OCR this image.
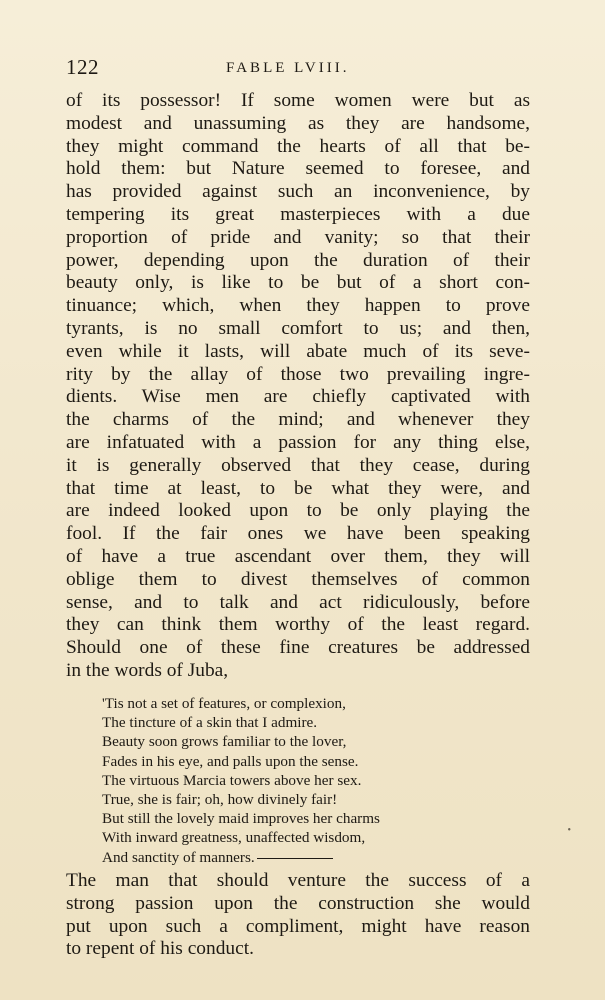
122	FABLE LVIII.
of its possessor! If some women were but as
modest and unassuming as they are handsome,
they might command the hearts of all that be-
hold them: but Nature seemed to foresee, and
has provided against such an inconvenience, by
tempering its great masterpieces with a due
proportion of pride and vanity; so that their
power, depending upon the duration of their
beauty only, is like to be but of a short con-
tinuance; which, when they happen to prove
tyrants, is no small comfort to us; and then,
even while it lasts, will abate much of its seve-
rity by the allay of those two prevailing ingre-
dients. Wise men are chiefly captivated with
the charms of the mind; and whenever they
are infatuated with a passion for any thing else,
it is generally observed that they cease, during
that time at least, to be what they were, and
are indeed looked upon to be only playing the
fool. If the fair ones we have been speaking
of have a true ascendant over them, they will
oblige them to divest themselves of common
sense, and to talk and act ridiculously, before
they can think them worthy of the least regard.
Should one of these fine creatures be addressed
in the words of Juba,
'Tis not a set of features, or complexion,
The tincture of a skin that I admire.
Beauty soon grows familiar to the lover,
Fades in his eye, and palls upon the sense.
The virtuous Marcia towers above her sex.
True, she is fair; oh, how divinely fair!
But still the lovely maid improves her charms
With inward greatness, unaffected wisdom,
And sanctity of manners.
The man that should venture the success of a
strong passion upon the construction she would
put upon such a compliment, might have reason
to repent of his conduct.
•
